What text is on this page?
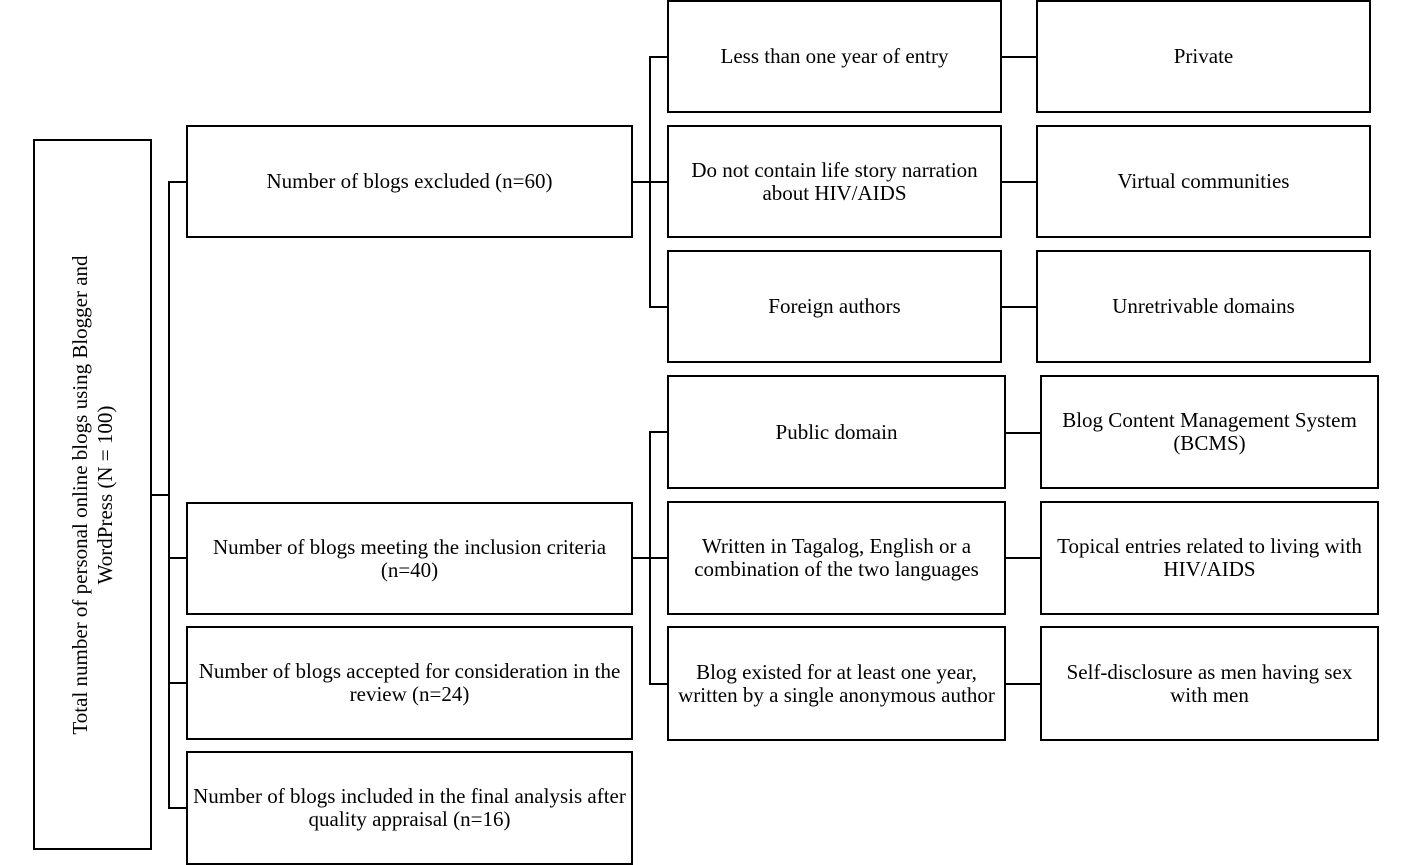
Total number of personal online blogs using Blogger and WordPress (N = 100)
Number of blogs excluded (n=60)
Number of blogs meeting the inclusion criteria (n=40)
Number of blogs accepted for consideration in the review (n=24)
Number of blogs included in the final analysis after quality appraisal (n=16)
Less than one year of entry
Do not contain life story narration about HIV/AIDS
Foreign authors
Private
Virtual communities
Unretrivable domains
Public domain
Written in Tagalog, English or a combination of the two languages
Blog existed for at least one year, written by a single anonymous author
Blog Content Management System (BCMS)
Topical entries related to living with HIV/AIDS
Self-disclosure as men having sex with men
